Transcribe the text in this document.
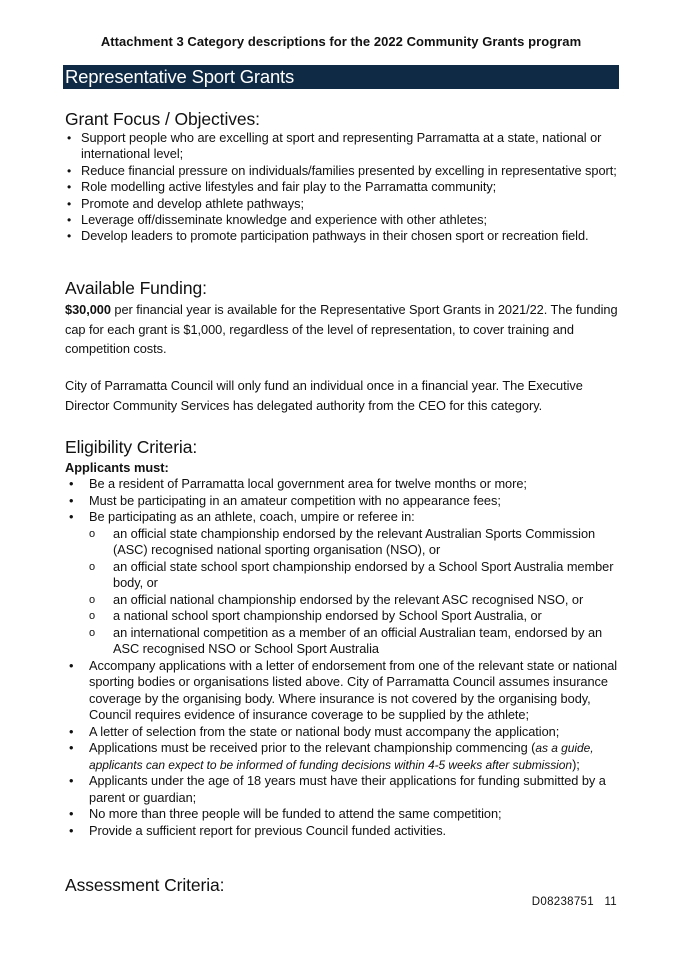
Attachment 3 Category descriptions for the 2022 Community Grants program
Representative Sport Grants
Grant Focus / Objectives:
• Support people who are excelling at sport and representing Parramatta at a state, national or international level;
• Reduce financial pressure on individuals/families presented by excelling in representative sport;
• Role modelling active lifestyles and fair play to the Parramatta community;
• Promote and develop athlete pathways;
• Leverage off/disseminate knowledge and experience with other athletes;
• Develop leaders to promote participation pathways in their chosen sport or recreation field.
Available Funding:

$30,000 per financial year is available for the Representative Sport Grants in 2021/22. The funding cap for each grant is $1,000, regardless of the level of representation, to cover training and competition costs.

City of Parramatta Council will only fund an individual once in a financial year. The Executive Director Community Services has delegated authority from the CEO for this category.

Eligibility Criteria:
Applicants must:
• Be a resident of Parramatta local government area for twelve months or more;
• Must be participating in an amateur competition with no appearance fees;
• Be participating as an athlete, coach, umpire or referee in:
o an official state championship endorsed by the relevant Australian Sports Commission (ASC) recognised national sporting organisation (NSO), or
o an official state school sport championship endorsed by a School Sport Australia member body, or
o an official national championship endorsed by the relevant ASC recognised NSO, or
o a national school sport championship endorsed by School Sport Australia, or
o an international competition as a member of an official Australian team, endorsed by an ASC recognised NSO or School Sport Australia
• Accompany applications with a letter of endorsement from one of the relevant state or national sporting bodies or organisations listed above. City of Parramatta Council assumes insurance coverage by the organising body. Where insurance is not covered by the organising body, Council requires evidence of insurance coverage to be supplied by the athlete;
• A letter of selection from the state or national body must accompany the application;
• Applications must be received prior to the relevant championship commencing (as a guide, applicants can expect to be informed of funding decisions within 4-5 weeks after submission);
• Applicants under the age of 18 years must have their applications for funding submitted by a parent or guardian;
• No more than three people will be funded to attend the same competition;
• Provide a sufficient report for previous Council funded activities.
Assessment Criteria:
D08238751 11
